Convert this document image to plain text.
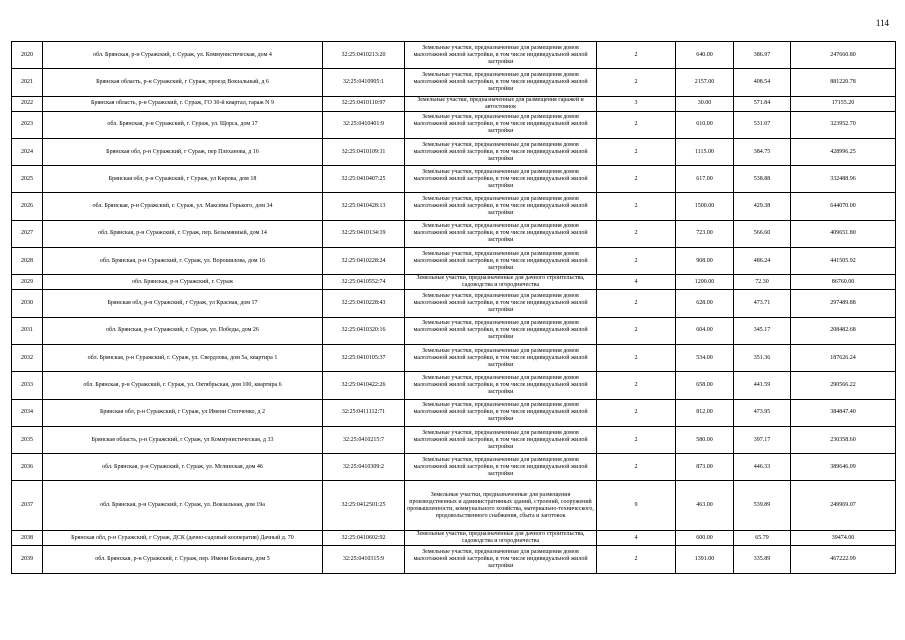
114
2020	обл. Брянская, р-н Суражский, г. Сураж, ул. Коммунистическая, дом 4	32:25:0410213:20	Земельные участки, предназначенные для размещения домов малоэтажной жилой застройки, в том числе индивидуальной жилой застройки	2	640.00	386.97	247660.80
2021	Брянская область, р-н Суражский, г Сураж, проезд Вокзальный, д 6	32:25:0410905:1	Земельные участки, предназначенные для размещения домов малоэтажной жилой застройки, в том числе индивидуальной жилой застройки	2	2157.00	408.54	881220.78
2022	Брянская область, р-н Суражский, г. Сураж, ГО 30-й квартал, гараж N 9	32:25:0410110:97	Земельные участки, предназначенные для размещения гаражей и автостоянок	3	30.00	571.84	17155.20
2023	обл. Брянская, р-н Суражский, г. Сураж, ул. Щорса, дом 17	32:25:0410401:9	Земельные участки, предназначенные для размещения домов малоэтажной жилой застройки, в том числе индивидуальной жилой застройки	2	610.00	531.07	323952.70
2024	Брянская обл, р-н Суражский, г Сураж, пер Плеханова, д 16	32:25:0410109:11	Земельные участки, предназначенные для размещения домов малоэтажной жилой застройки, в том числе индивидуальной жилой застройки	2	1115.00	384.75	428996.25
2025	Брянская обл, р-н Суражский, г Сураж, ул Кирова, дом 18	32:25:0410407:25	Земельные участки, предназначенные для размещения домов малоэтажной жилой застройки, в том числе индивидуальной жилой застройки	2	617.00	538.88	332488.96
2026	обл. Брянская, р-н Суражский, г. Сураж, ул. Максима Горького, дом 34	32:25:0410428:13	Земельные участки, предназначенные для размещения домов малоэтажной жилой застройки, в том числе индивидуальной жилой застройки	2	1500.00	429.38	644070.00
2027	обл. Брянская, р-н Суражский, г. Сураж, пер. Безымянный, дом 14	32:25:0410134:19	Земельные участки, предназначенные для размещения домов малоэтажной жилой застройки, в том числе индивидуальной жилой застройки	2	723.00	566.60	409651.80
2028	обл. Брянская, р-н Суражский, г. Сураж, ул. Ворошилова, дом 16	32:25:0410228:24	Земельные участки, предназначенные для размещения домов малоэтажной жилой застройки, в том числе индивидуальной жилой застройки	2	908.00	486.24	441505.92
2029	обл. Брянская, р-н Суражский, г. Сураж	32:25:0410552:74	Земельные участки, предназначенные для дачного строительства, садоводства и огородничества	4	1200.00	72.30	86760.00
2030	Брянская обл, р-н Суражский, г Сураж, ул Красная, дом 17	32:25:0410228:43	Земельные участки, предназначенные для размещения домов малоэтажной жилой застройки, в том числе индивидуальной жилой застройки	2	628.00	473.71	297489.88
2031	обл. Брянская, р-н Суражский, г. Сураж, ул. Победы, дом 26	32:25:0410320:16	Земельные участки, предназначенные для размещения домов малоэтажной жилой застройки, в том числе индивидуальной жилой застройки	2	604.00	345.17	208482.68
2032	обл. Брянская, р-н Суражский, г. Сураж, ул. Свердлова, дом 5а, квартира 1	32:25:0410105:37	Земельные участки, предназначенные для размещения домов малоэтажной жилой застройки, в том числе индивидуальной жилой застройки	2	534.00	351.36	187626.24
2033	обл. Брянская, р-н Суражский, г. Сураж, ул. Октябрьская, дом 100, квартира 6	32:25:0410422:26	Земельные участки, предназначенные для размещения домов малоэтажной жилой застройки, в том числе индивидуальной жилой застройки	2	658.00	441.59	290566.22
2034	Брянская обл, р-н Суражский, г Сураж, ул Имени Степченко, д 2	32:25:0411112:71	Земельные участки, предназначенные для размещения домов малоэтажной жилой застройки, в том числе индивидуальной жилой застройки	2	812.00	473.95	384847.40
2035	Брянская область, р-н Суражский, г Сураж, ул Коммунистическая, д 33	32:25:0410215:7	Земельные участки, предназначенные для размещения домов малоэтажной жилой застройки, в том числе индивидуальной жилой застройки	2	580.00	397.17	230358.60
2036	обл. Брянская, р-н Суражский, г. Сураж, ул. Мглинская, дом 46	32:25:0410309:2	Земельные участки, предназначенные для размещения домов малоэтажной жилой застройки, в том числе индивидуальной жилой застройки	2	873.00	446.33	389646.09
2037	обл. Брянская, р-н Суражский, г. Сураж, ул. Вокзальная, дом 19а	32:25:0412501:25	Земельные участки, предназначенные для размещения производственных и административных зданий, строений, сооружений промышленности, коммунального хозяйства, материально-технического, продовольственного снабжения, сбыта и заготовок	9	463.00	539.89	249969.07
2038	Брянская обл, р-н Суражский, г Сураж, ДСК (дачно-садовый кооператив) Дачный д. 70	32:25:0410602:92	Земельные участки, предназначенные для дачного строительства, садоводства и огородничества	4	600.00	65.79	39474.00
2039	обл. Брянская, р-н Суражский, г. Сураж, пер. Имени Больвата, дом 5	32:25:0410315:9	Земельные участки, предназначенные для размещения домов малоэтажной жилой застройки, в том числе индивидуальной жилой застройки	2	1391.00	335.89	467222.99
